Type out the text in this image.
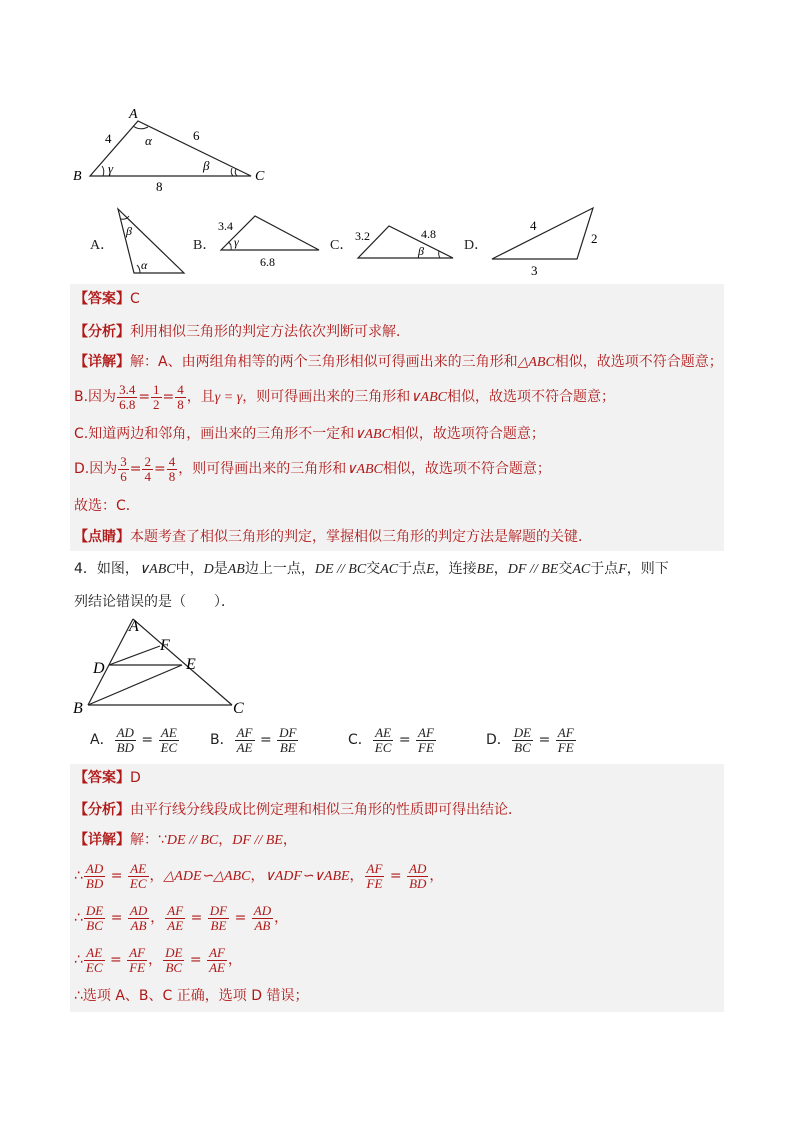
A
B	C
4	6
8
α
γ	β
A．
β
α
B．
3.4
6.8
γ	C．
3.2	4.8
β	D．
4
2
3
【答案】C
【分析】利用相似三角形的判定方法依次判断可求解．
【详解】解：A、由两组角相等的两个三角形相似可得画出来的三角形和△ABC相似，故选项不符合题意；
B.因为 $\frac{3.4}{6.8} = \frac{1}{2} = \frac{4}{8}$ ，且γ = γ，则可得画出来的三角形和∨ABC相似，故选项不符合题意；
C.知道两边和邻角，画出来的三角形不一定和∨ABC相似，故选项符合题意；
D.因为 $\frac{3}{6} = \frac{2}{4} = \frac{4}{8}$ ，则可得画出来的三角形和∨ABC相似，故选项不符合题意；
故选：C．
【点睛】本题考查了相似三角形的判定，掌握相似三角形的判定方法是解题的关键．
4．如图，∨ABC中，D是AB边上一点，DE // BC交AC于点E，连接BE，DF // BE交AC于点F，则下
列结论错误的是（　　）．
A
B	C
D	E
F
A． $\frac{AD}{BD} = \frac{AE}{EC}$ B． $\frac{AF}{AE} = \frac{DF}{BE}$	C． $\frac{AE}{EC} = \frac{AF}{FE}$	D． $\frac{DE}{BC} = \frac{AF}{FE}$
【答案】D
【分析】由平行线分线段成比例定理和相似三角形的性质即可得出结论．
【详解】解：∵DE // BC，DF // BE，
∴ $\frac{AD}{BD} = \frac{AE}{EC}$ ，△ADE∽△ABC，∨ADF∽∨ABE， $\frac{AF}{FE} = \frac{AD}{BD}$ ，
∴ $\frac{DE}{BC} = \frac{AD}{AB}$ ， $\frac{AF}{AE} = \frac{DF}{BE} = \frac{AD}{AB}$ ，
∴ $\frac{AE}{EC} = \frac{AF}{FE}$ ， $\frac{DE}{BC} = \frac{AF}{AE}$ ，
∴选项 A、B、C 正确，选项 D 错误；
